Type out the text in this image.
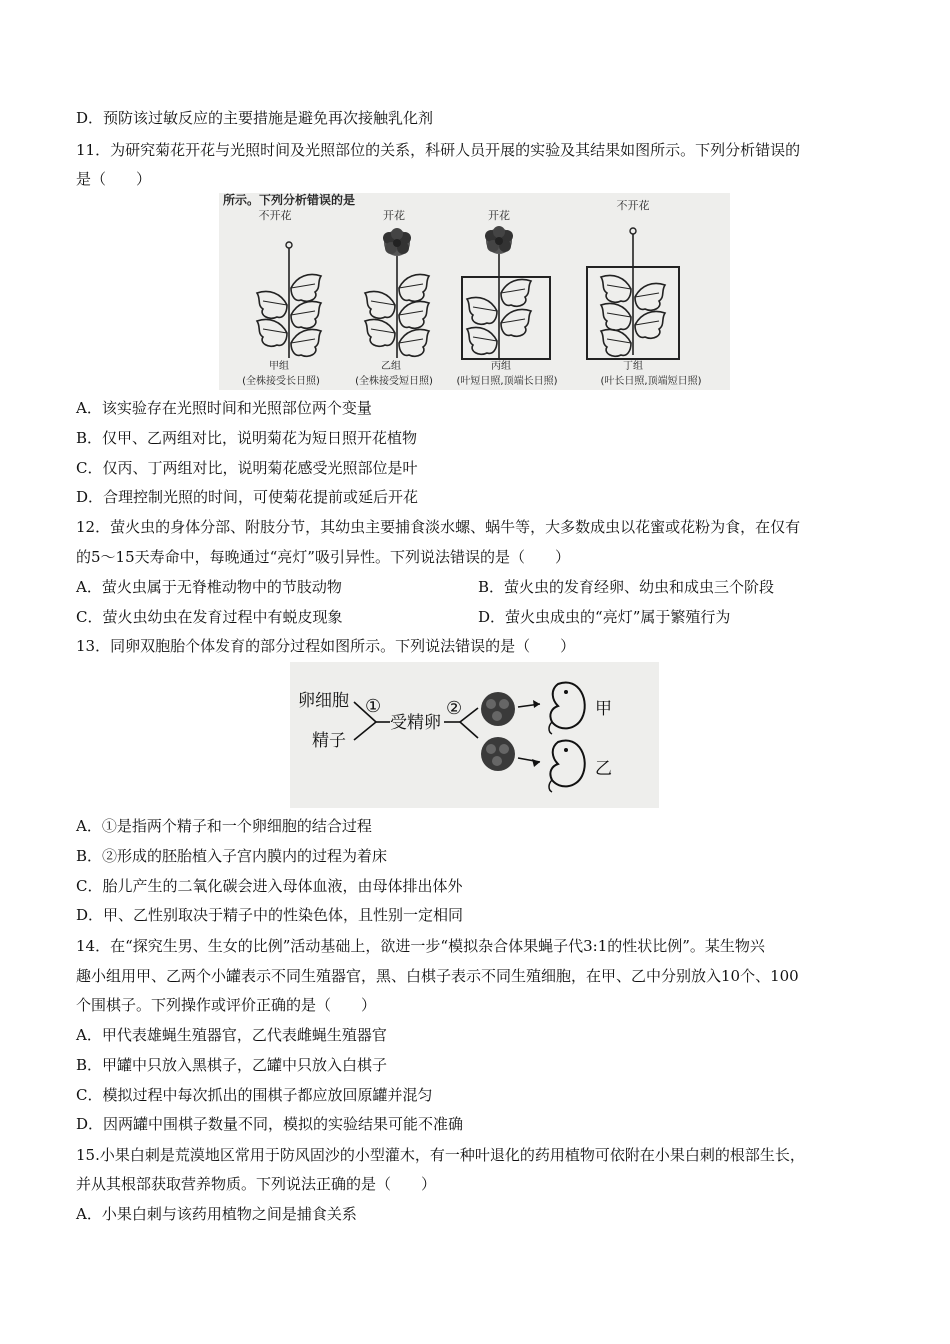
D．预防该过敏反应的主要措施是避免再次接触乳化剂
11．为研究菊花开花与光照时间及光照部位的关系，科研人员开展的实验及其结果如图所示。下列分析错误的
是（　　）
所示。下列分析错误的是
不开花
甲组
(全株接受长日照)
开花
乙组
(全株接受短日照)
开花
丙组
(叶短日照,顶端长日照)
不开花
丁组
(叶长日照,顶端短日照)
A．该实验存在光照时间和光照部位两个变量
B．仅甲、乙两组对比，说明菊花为短日照开花植物
C．仅丙、丁两组对比，说明菊花感受光照部位是叶
D．合理控制光照的时间，可使菊花提前或延后开花
12．萤火虫的身体分部、附肢分节，其幼虫主要捕食淡水螺、蜗牛等，大多数成虫以花蜜或花粉为食，在仅有
的5～15天寿命中，每晚通过“亮灯”吸引异性。下列说法错误的是（　　）
A．萤火虫属于无脊椎动物中的节肢动物	B．萤火虫的发育经卵、幼虫和成虫三个阶段
C．萤火虫幼虫在发育过程中有蜕皮现象	D．萤火虫成虫的“亮灯”属于繁殖行为
13．同卵双胞胎个体发育的部分过程如图所示。下列说法错误的是（　　）
卵细胞
精子
①
受精卵
②	甲
乙
A．①是指两个精子和一个卵细胞的结合过程
B．②形成的胚胎植入子宫内膜内的过程为着床
C．胎儿产生的二氧化碳会进入母体血液，由母体排出体外
D．甲、乙性别取决于精子中的性染色体，且性别一定相同
14．在“探究生男、生女的比例”活动基础上，欲进一步“模拟杂合体果蝇子代3:1的性状比例”。某生物兴
趣小组用甲、乙两个小罐表示不同生殖器官，黑、白棋子表示不同生殖细胞，在甲、乙中分别放入10个、100
个围棋子。下列操作或评价正确的是（　　）
A．甲代表雄蝇生殖器官，乙代表雌蝇生殖器官
B．甲罐中只放入黑棋子，乙罐中只放入白棋子
C．模拟过程中每次抓出的围棋子都应放回原罐并混匀
D．因两罐中围棋子数量不同，模拟的实验结果可能不准确
15.小果白刺是荒漠地区常用于防风固沙的小型灌木，有一种叶退化的药用植物可依附在小果白刺的根部生长，
并从其根部获取营养物质。下列说法正确的是（　　）
A．小果白刺与该药用植物之间是捕食关系
